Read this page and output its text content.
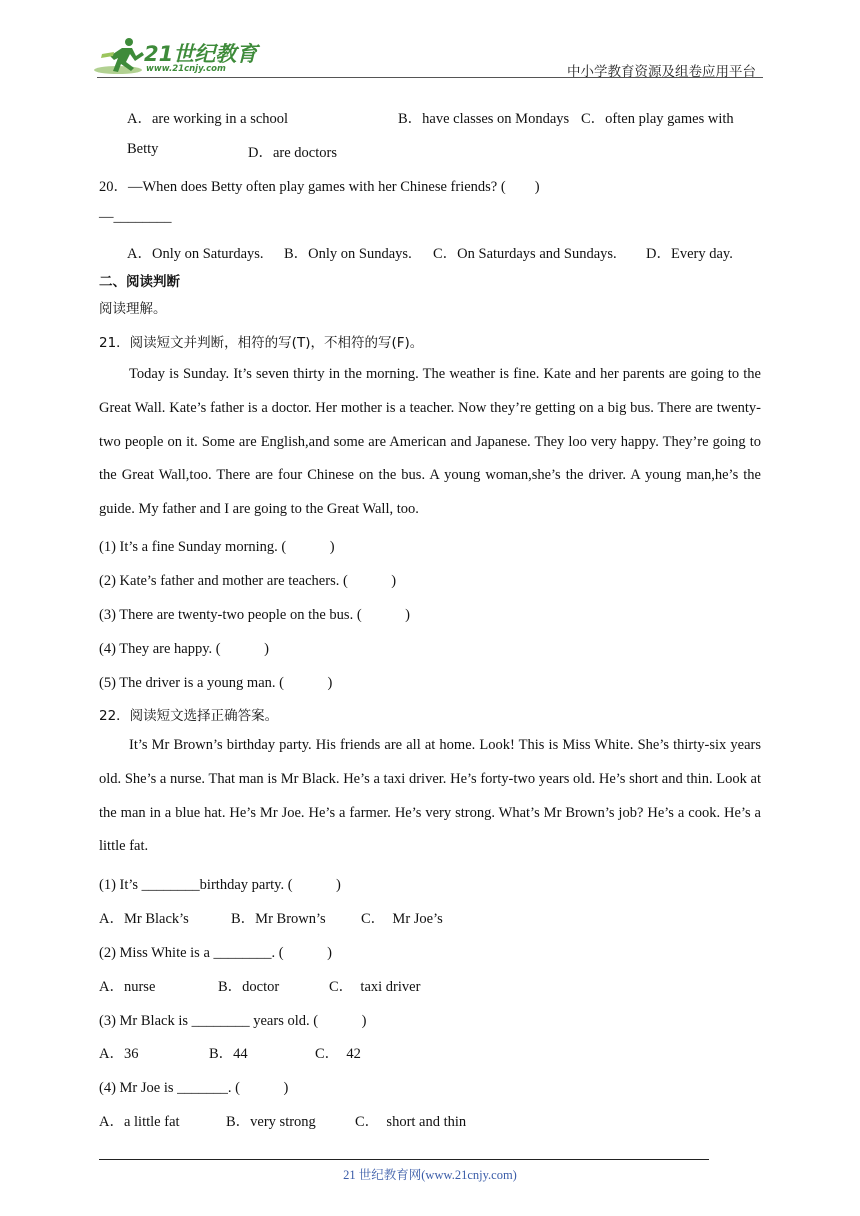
21世纪教育
www.21cnjy.com	中小学教育资源及组卷应用平台
A．are working in a school	B．have classes on Mondays C．often play games with
Betty	D．are doctors
20．—When does Betty often play games with her Chinese friends? (　　)
—________
A．Only on Saturdays. B．Only on Sundays. C．On Saturdays and Sundays. D．Every day.
二、阅读判断
阅读理解。
21．阅读短文并判断，相符的写(T)，不相符的写(F)。
Today is Sunday. It’s seven thirty in the morning. The weather is fine. Kate and her parents are going to the Great Wall. Kate’s father is a doctor. Her mother is a teacher. Now they’re getting on a big bus. There are twenty-two people on it. Some are English,and some are American and Japanese. They loo very happy. They’re going to the Great Wall,too. There are four Chinese on the bus. A young woman,she’s the driver. A young man,he’s the guide. My father and I are going to the Great Wall, too.
(1) It’s a fine Sunday morning. (　　　)
(2) Kate’s father and mother are teachers. (　　　)
(3) There are twenty-two people on the bus. (　　　)
(4) They are happy. (　　　)
(5) The driver is a young man. (　　　)
22．阅读短文选择正确答案。
It’s Mr Brown’s birthday party. His friends are all at home. Look! This is Miss White. She’s thirty-six years old. She’s a nurse. That man is Mr Black. He’s a taxi driver. He’s forty-two years old. He’s short and thin. Look at the man in a blue hat. He’s Mr Joe. He’s a farmer. He’s very strong. What’s Mr Brown’s job? He’s a cook. He’s a little fat.
(1) It’s ________birthday party. (　　　)
A．Mr Black’s	B．Mr Brown’s C．　Mr Joe’s
(2) Miss White is a ________. (　　　)
A．nurse	B．doctor	C．　taxi driver
(3) Mr Black is ________ years old. (　　　)
A．36	B．44	C．　42
(4) Mr Joe is _______. (　　　)
A．a little fat	B．very strong	C．　short and thin
21 世纪教育网(www.21cnjy.com)
